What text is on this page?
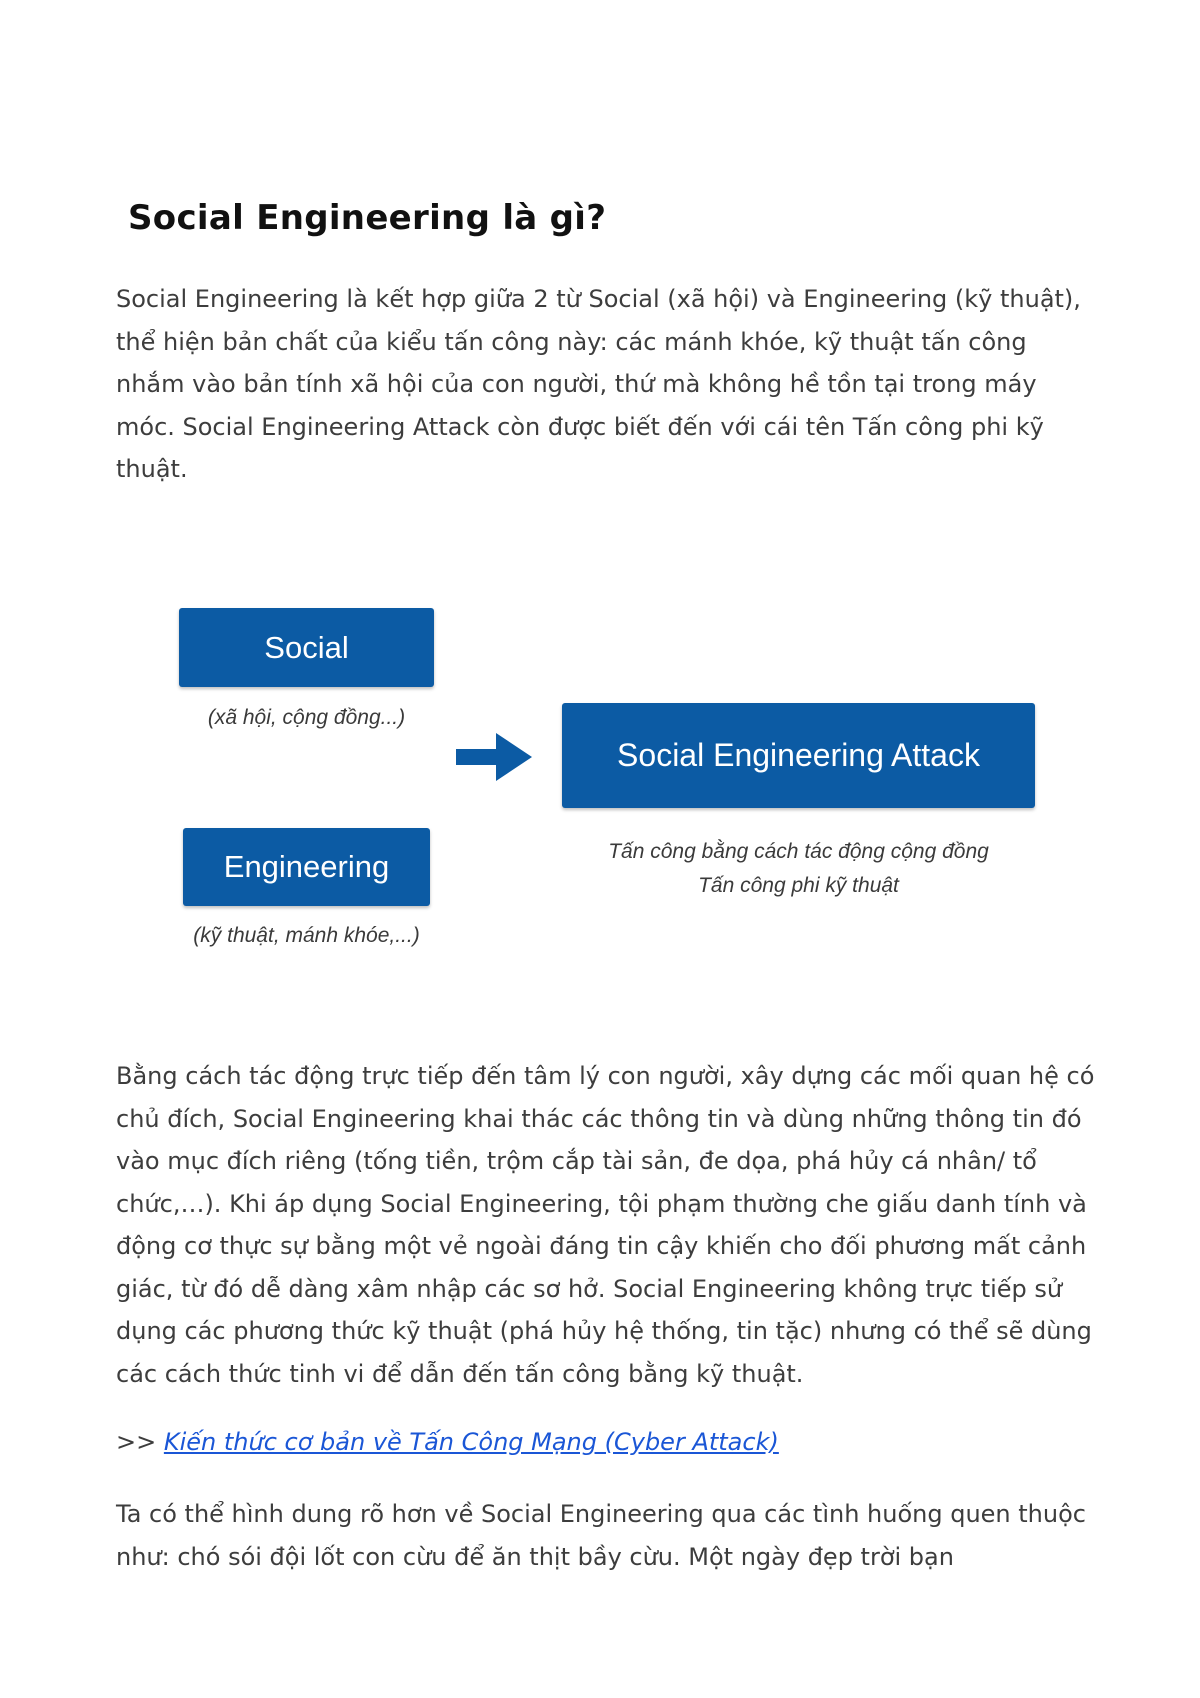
Social Engineering là gì?

Social Engineering là kết hợp giữa 2 từ Social (xã hội) và Engineering (kỹ thuật), thể hiện bản chất của kiểu tấn công này: các mánh khóe, kỹ thuật tấn công nhắm vào bản tính xã hội của con người, thứ mà không hề tồn tại trong máy móc. Social Engineering Attack còn được biết đến với cái tên Tấn công phi kỹ thuật.

Social
(xã hội, cộng đồng...)
Engineering
(kỹ thuật, mánh khóe,...)
Social Engineering Attack
Tấn công bằng cách tác động cộng đồng
Tấn công phi kỹ thuật

Bằng cách tác động trực tiếp đến tâm lý con người, xây dựng các mối quan hệ có chủ đích, Social Engineering khai thác các thông tin và dùng những thông tin đó vào mục đích riêng (tống tiền, trộm cắp tài sản, đe dọa, phá hủy cá nhân/ tổ chức,…). Khi áp dụng Social Engineering, tội phạm thường che giấu danh tính và động cơ thực sự bằng một vẻ ngoài đáng tin cậy khiến cho đối phương mất cảnh giác, từ đó dễ dàng xâm nhập các sơ hở. Social Engineering không trực tiếp sử dụng các phương thức kỹ thuật (phá hủy hệ thống, tin tặc) nhưng có thể sẽ dùng các cách thức tinh vi để dẫn đến tấn công bằng kỹ thuật.

>> Kiến thức cơ bản về Tấn Công Mạng (Cyber Attack)

Ta có thể hình dung rõ hơn về Social Engineering qua các tình huống quen thuộc như: chó sói đội lốt con cừu để ăn thịt bầy cừu. Một ngày đẹp trời bạn
